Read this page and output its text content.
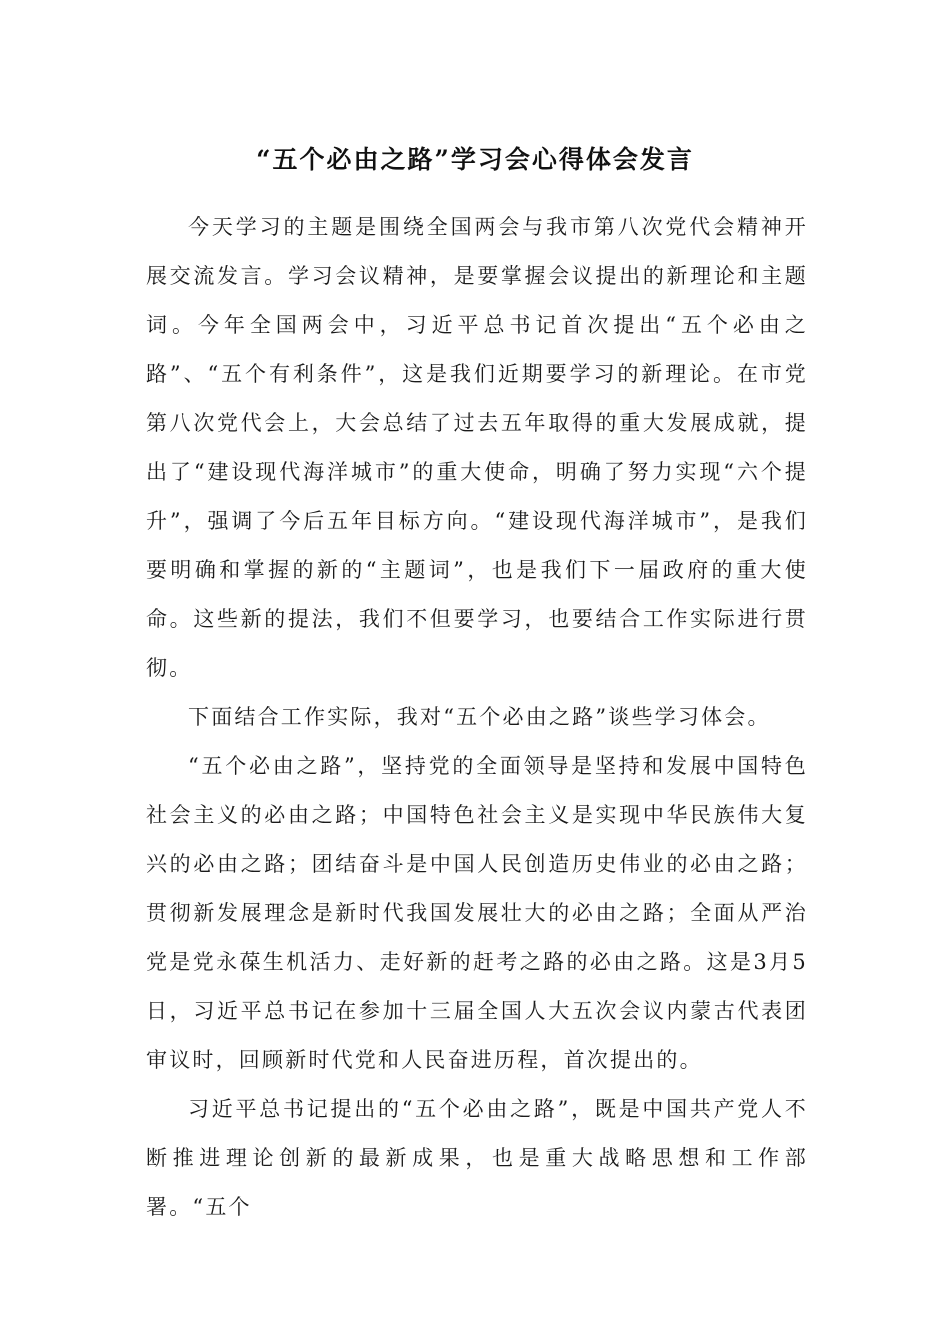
“五个必由之路”学习会心得体会发言

今天学习的主题是围绕全国两会与我市第八次党代会精神开展交流发言。学习会议精神，是要掌握会议提出的新理论和主题词。今年全国两会中，习近平总书记首次提出“五个必由之路”、“五个有利条件”，这是我们近期要学习的新理论。在市党第八次党代会上，大会总结了过去五年取得的重大发展成就，提出了“建设现代海洋城市”的重大使命，明确了努力实现“六个提升”，强调了今后五年目标方向。“建设现代海洋城市”，是我们要明确和掌握的新的“主题词”，也是我们下一届政府的重大使命。这些新的提法，我们不但要学习，也要结合工作实际进行贯彻。

下面结合工作实际，我对“五个必由之路”谈些学习体会。

“五个必由之路”，坚持党的全面领导是坚持和发展中国特色社会主义的必由之路；中国特色社会主义是实现中华民族伟大复兴的必由之路；团结奋斗是中国人民创造历史伟业的必由之路；贯彻新发展理念是新时代我国发展壮大的必由之路；全面从严治党是党永葆生机活力、走好新的赶考之路的必由之路。这是3月5日，习近平总书记在参加十三届全国人大五次会议内蒙古代表团审议时，回顾新时代党和人民奋进历程，首次提出的。

习近平总书记提出的“五个必由之路”，既是中国共产党人不断推进理论创新的最新成果，也是重大战略思想和工作部署。“五个
